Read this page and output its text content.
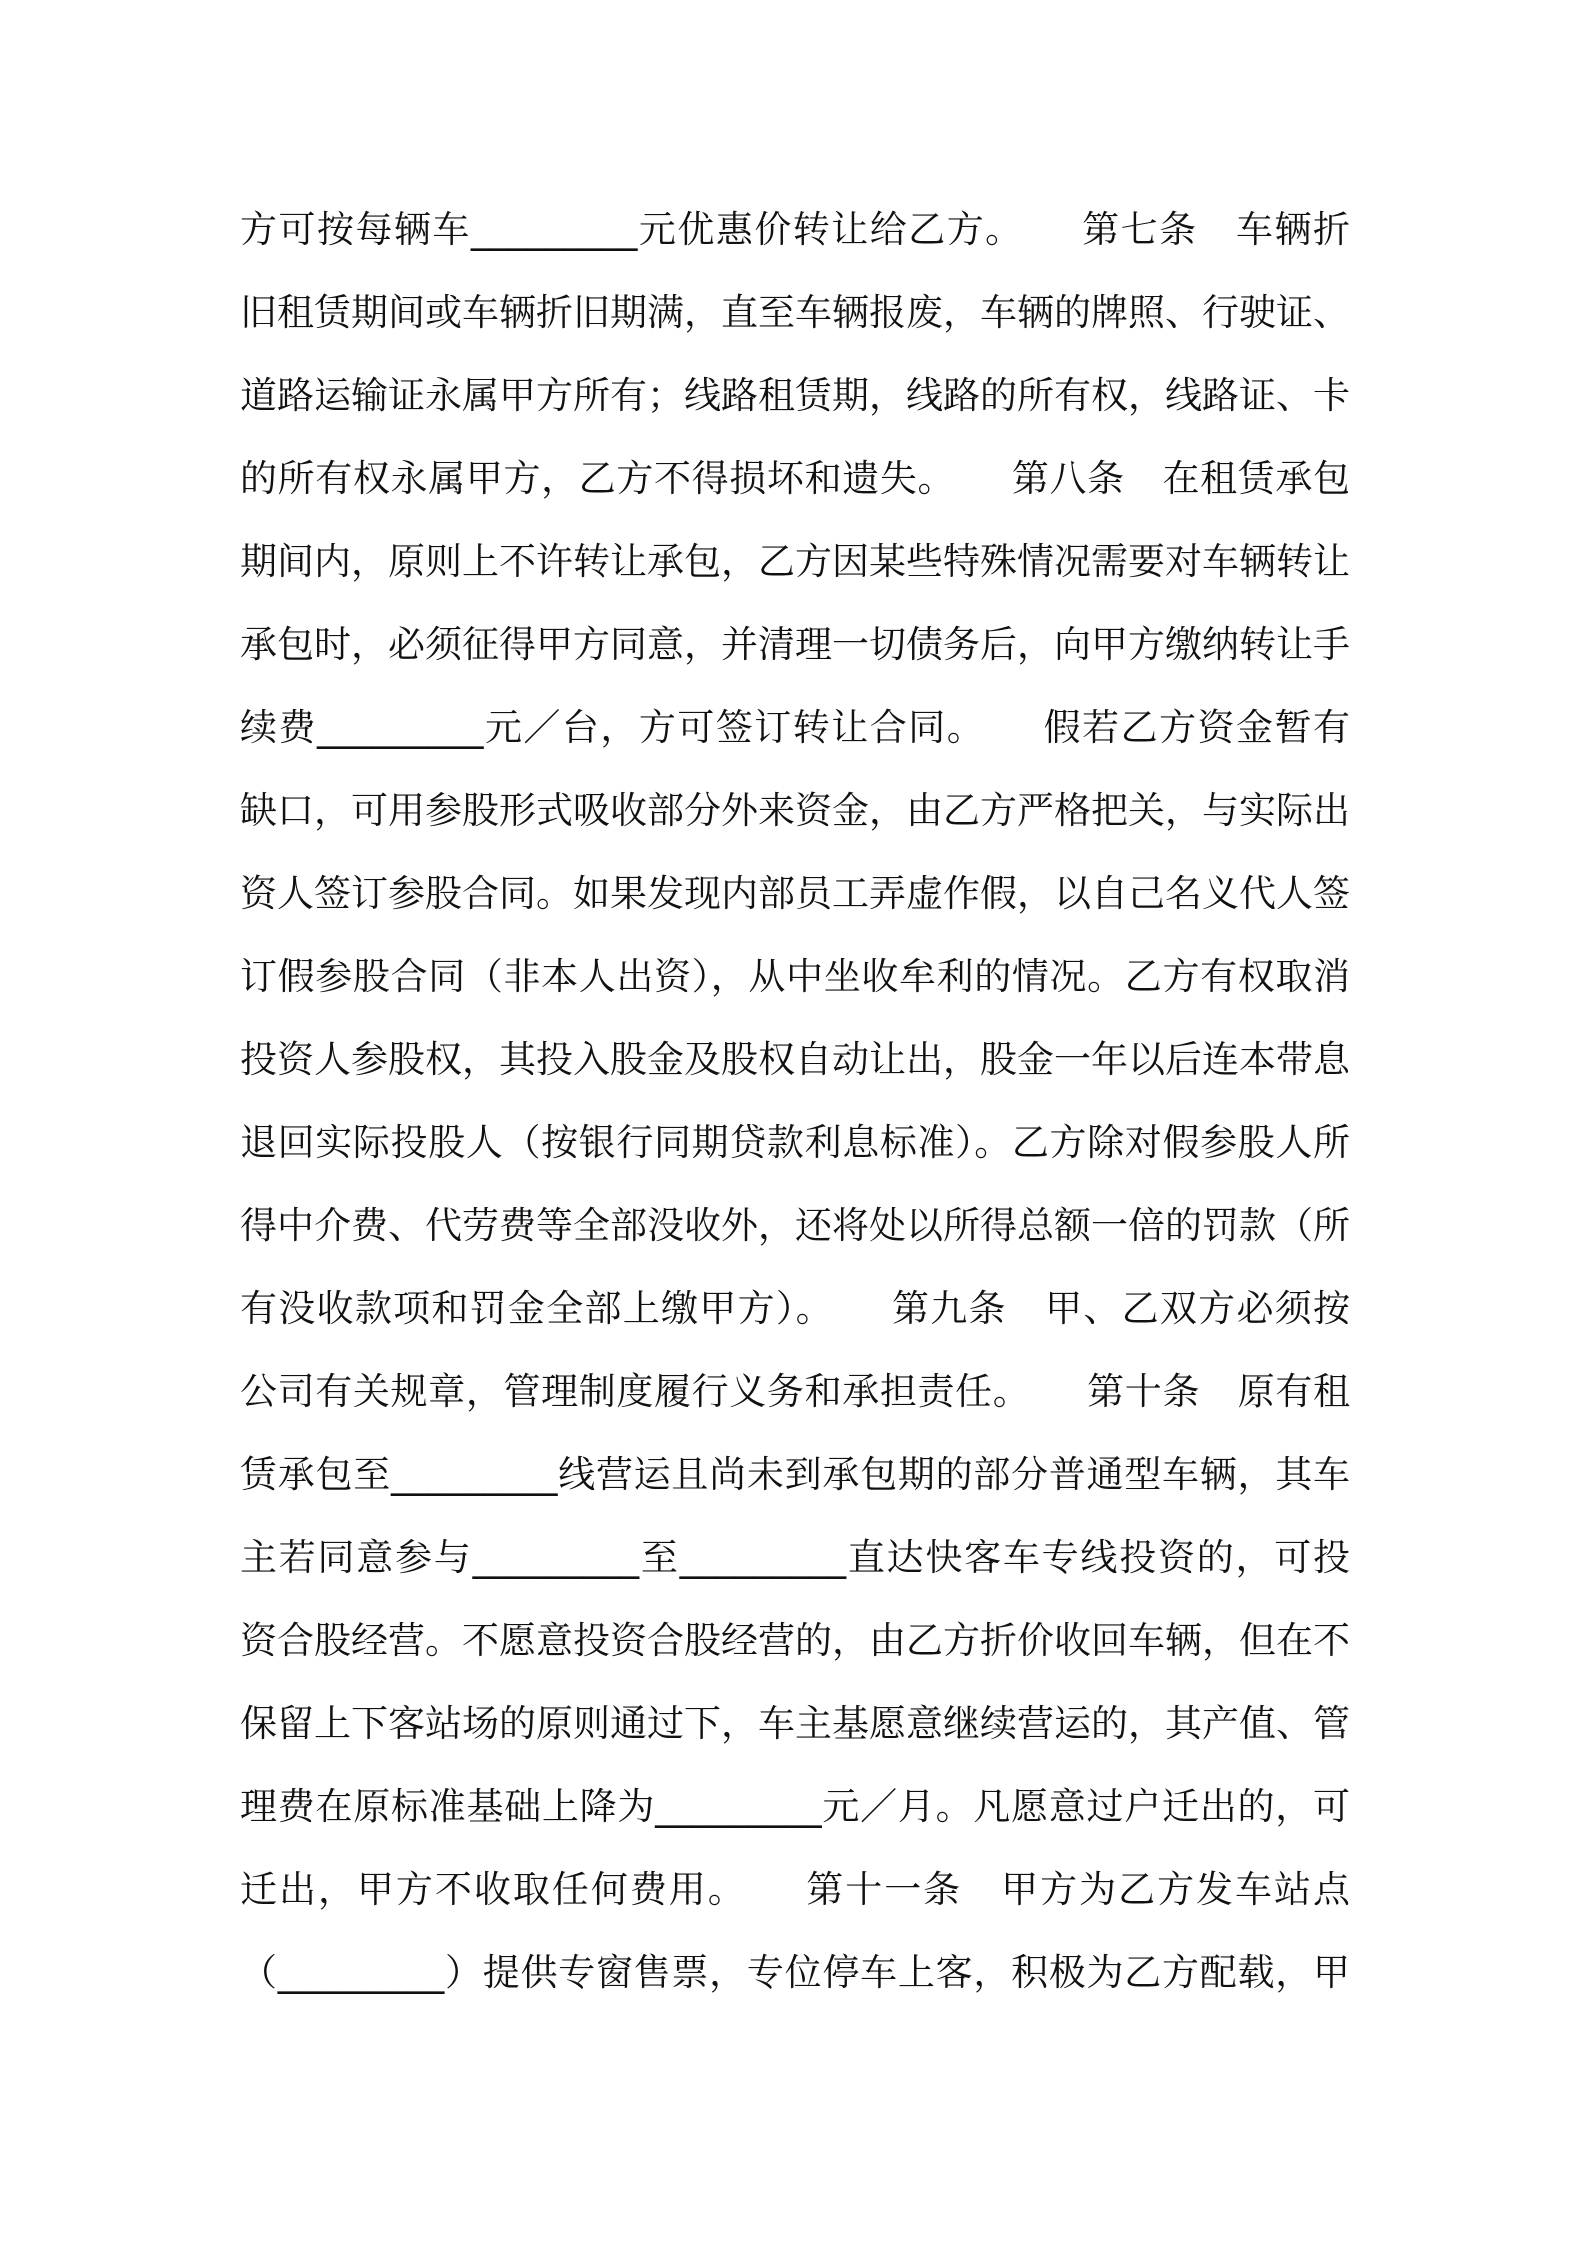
方可按每辆车_________元优惠价转让给乙方。　　第七条　车辆折
旧租赁期间或车辆折旧期满，直至车辆报废，车辆的牌照、行驶证、
道路运输证永属甲方所有；线路租赁期，线路的所有权，线路证、卡
的所有权永属甲方，乙方不得损坏和遗失。　　第八条　在租赁承包
期间内，原则上不许转让承包，乙方因某些特殊情况需要对车辆转让
承包时，必须征得甲方同意，并清理一切债务后，向甲方缴纳转让手
续费_________元／台，方可签订转让合同。　　假若乙方资金暂有
缺口，可用参股形式吸收部分外来资金，由乙方严格把关，与实际出
资人签订参股合同。如果发现内部员工弄虚作假，以自己名义代人签
订假参股合同（非本人出资），从中坐收牟利的情况。乙方有权取消
投资人参股权，其投入股金及股权自动让出，股金一年以后连本带息
退回实际投股人（按银行同期贷款利息标准）。乙方除对假参股人所
得中介费、代劳费等全部没收外，还将处以所得总额一倍的罚款（所
有没收款项和罚金全部上缴甲方）。　　第九条　甲、乙双方必须按
公司有关规章，管理制度履行义务和承担责任。　　第十条　原有租
赁承包至_________线营运且尚未到承包期的部分普通型车辆，其车
主若同意参与_________至_________直达快客车专线投资的，可投
资合股经营。不愿意投资合股经营的，由乙方折价收回车辆，但在不
保留上下客站场的原则通过下，车主基愿意继续营运的，其产值、管
理费在原标准基础上降为_________元／月。凡愿意过户迁出的，可
迁出，甲方不收取任何费用。　　第十一条　甲方为乙方发车站点
（_________）提供专窗售票，专位停车上客，积极为乙方配载，甲
